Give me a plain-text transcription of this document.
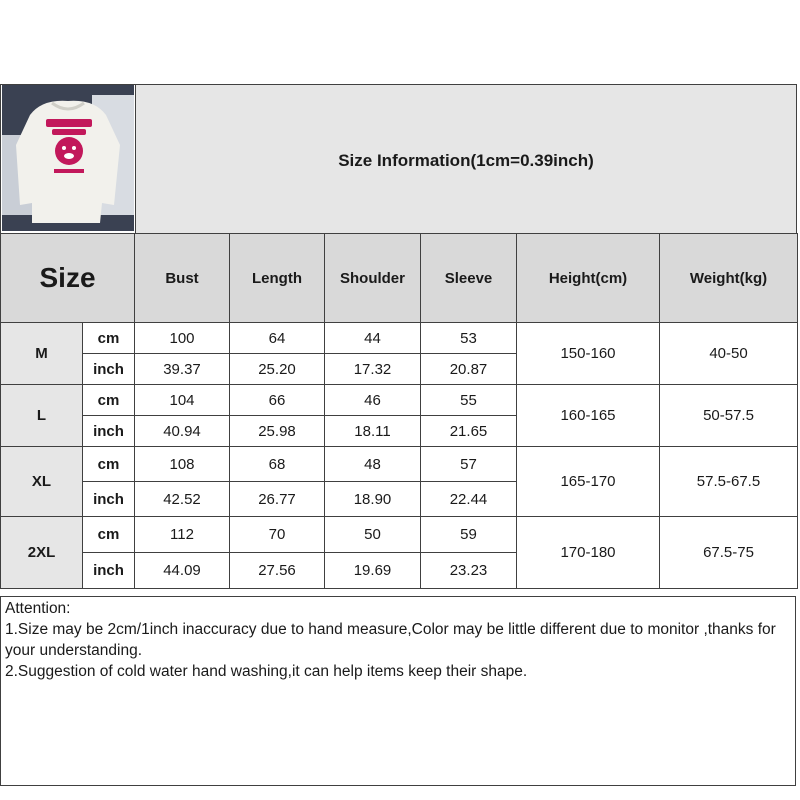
	Size Information(1cm=0.39inch)
Size		Bust	Length	Shoulder	Sleeve	Height(cm)	Weight(kg)
M	cm	100	64	44	53	150-160	40-50
	inch	39.37	25.20	17.32	20.87		
L	cm	104	66	46	55	160-165	50-57.5
	inch	40.94	25.98	18.11	21.65		
XL	cm	108	68	48	57	165-170	57.5-67.5
	inch	42.52	26.77	18.90	22.44		
2XL	cm	112	70	50	59	170-180	67.5-75
	inch	44.09	27.56	19.69	23.23		
Attention:
1.Size may be 2cm/1inch inaccuracy due to hand measure,Color may be little different due to monitor ,thanks for your understanding.
2.Suggestion of cold water hand washing,it can help items keep their shape.
